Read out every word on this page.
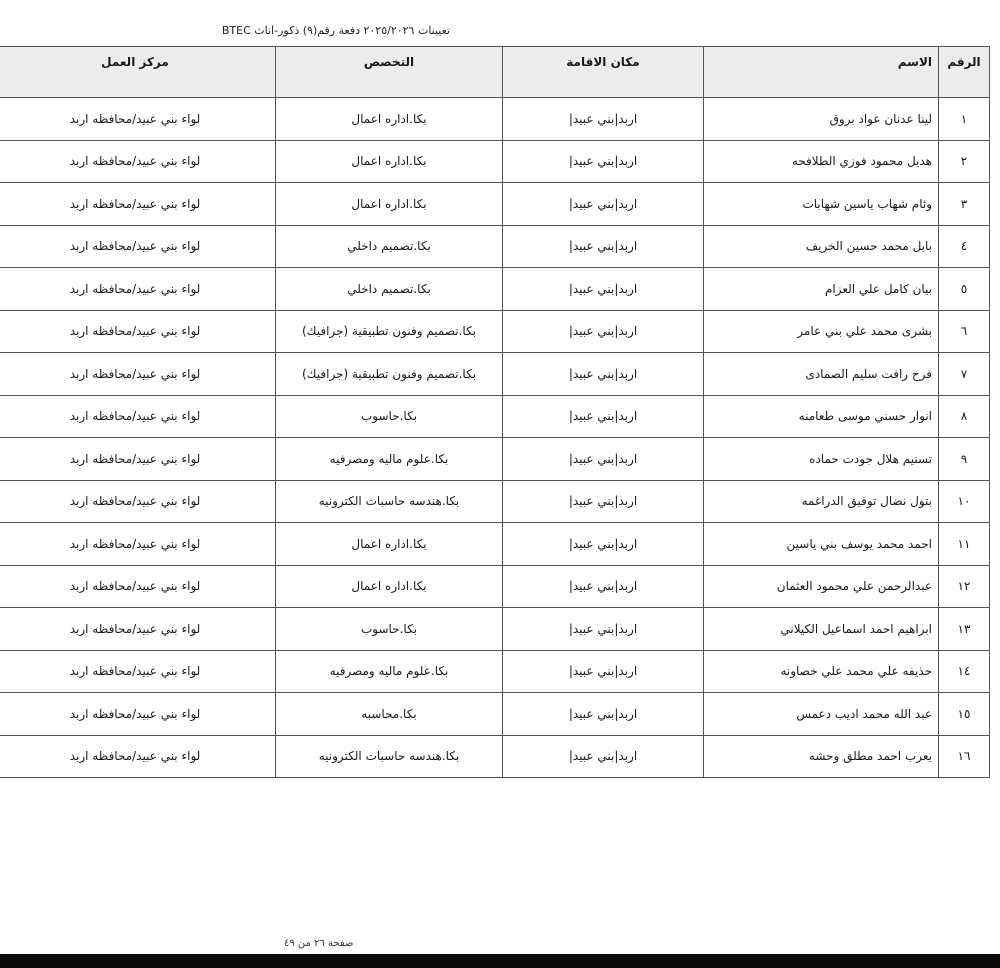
تعيينات ٢٠٢٥/٢٠٢٦ دفعة رقم(٩) ذكور-اناث BTEC
الرقم	الاسم	مكان الاقامة	التخصص	مركز العمل
١	لينا عدنان عواد بروق	اربد|بني عبيد|	بكا.اداره اعمال	لواء بني عبيد/محافظه اربد
٢	هديل محمود فوزي الطلافحه	اربد|بني عبيد|	بكا.اداره اعمال	لواء بني عبيد/محافظه اربد
٣	وئام شهاب ياسين شهابات	اربد|بني عبيد|	بكا.اداره اعمال	لواء بني عبيد/محافظه اربد
٤	بابل محمد حسين الخريف	اربد|بني عبيد|	بكا.تصميم داخلي	لواء بني عبيد/محافظه اربد
٥	بيان كامل علي العزام	اربد|بني عبيد|	بكا.تصميم داخلي	لواء بني عبيد/محافظه اربد
٦	بشرى محمد علي بني عامر	اربد|بني عبيد|	بكا.تصميم وفنون تطبيقية (جرافيك)	لواء بني عبيد/محافظه اربد
٧	فرح رافت سليم الصمادى	اربد|بني عبيد|	بكا.تصميم وفنون تطبيقية (جرافيك)	لواء بني عبيد/محافظه اربد
٨	انوار حسني موسى طعامنه	اربد|بني عبيد|	بكا.حاسوب	لواء بني عبيد/محافظه اربد
٩	تسنيم هلال جودت حماده	اربد|بني عبيد|	بكا.علوم ماليه ومصرفيه	لواء بني عبيد/محافظه اربد
١٠	بتول نضال توفيق الدراغمه	اربد|بني عبيد|	بكا.هندسه حاسبات الكترونيه	لواء بني عبيد/محافظه اربد
١١	احمد محمد يوسف بني ياسين	اربد|بني عبيد|	بكا.اداره اعمال	لواء بني عبيد/محافظه اربد
١٢	عبدالرحمن علي محمود العثمان	اربد|بني عبيد|	بكا.اداره اعمال	لواء بني عبيد/محافظه اربد
١٣	ابراهيم احمد اسماعيل الكيلاني	اربد|بني عبيد|	بكا.حاسوب	لواء بني عبيد/محافظه اربد
١٤	حذيفه علي محمد علي خصاونه	اربد|بني عبيد|	بكا.علوم ماليه ومصرفيه	لواء بني عبيد/محافظه اربد
١٥	عبد الله محمد اديب دعمس	اربد|بني عبيد|	بكا.محاسبه	لواء بني عبيد/محافظه اربد
١٦	يعرب احمد مطلق وحشه	اربد|بني عبيد|	بكا.هندسه حاسبات الكترونيه	لواء بني عبيد/محافظه اربد
صفحة ٢٦ من ٤٩
